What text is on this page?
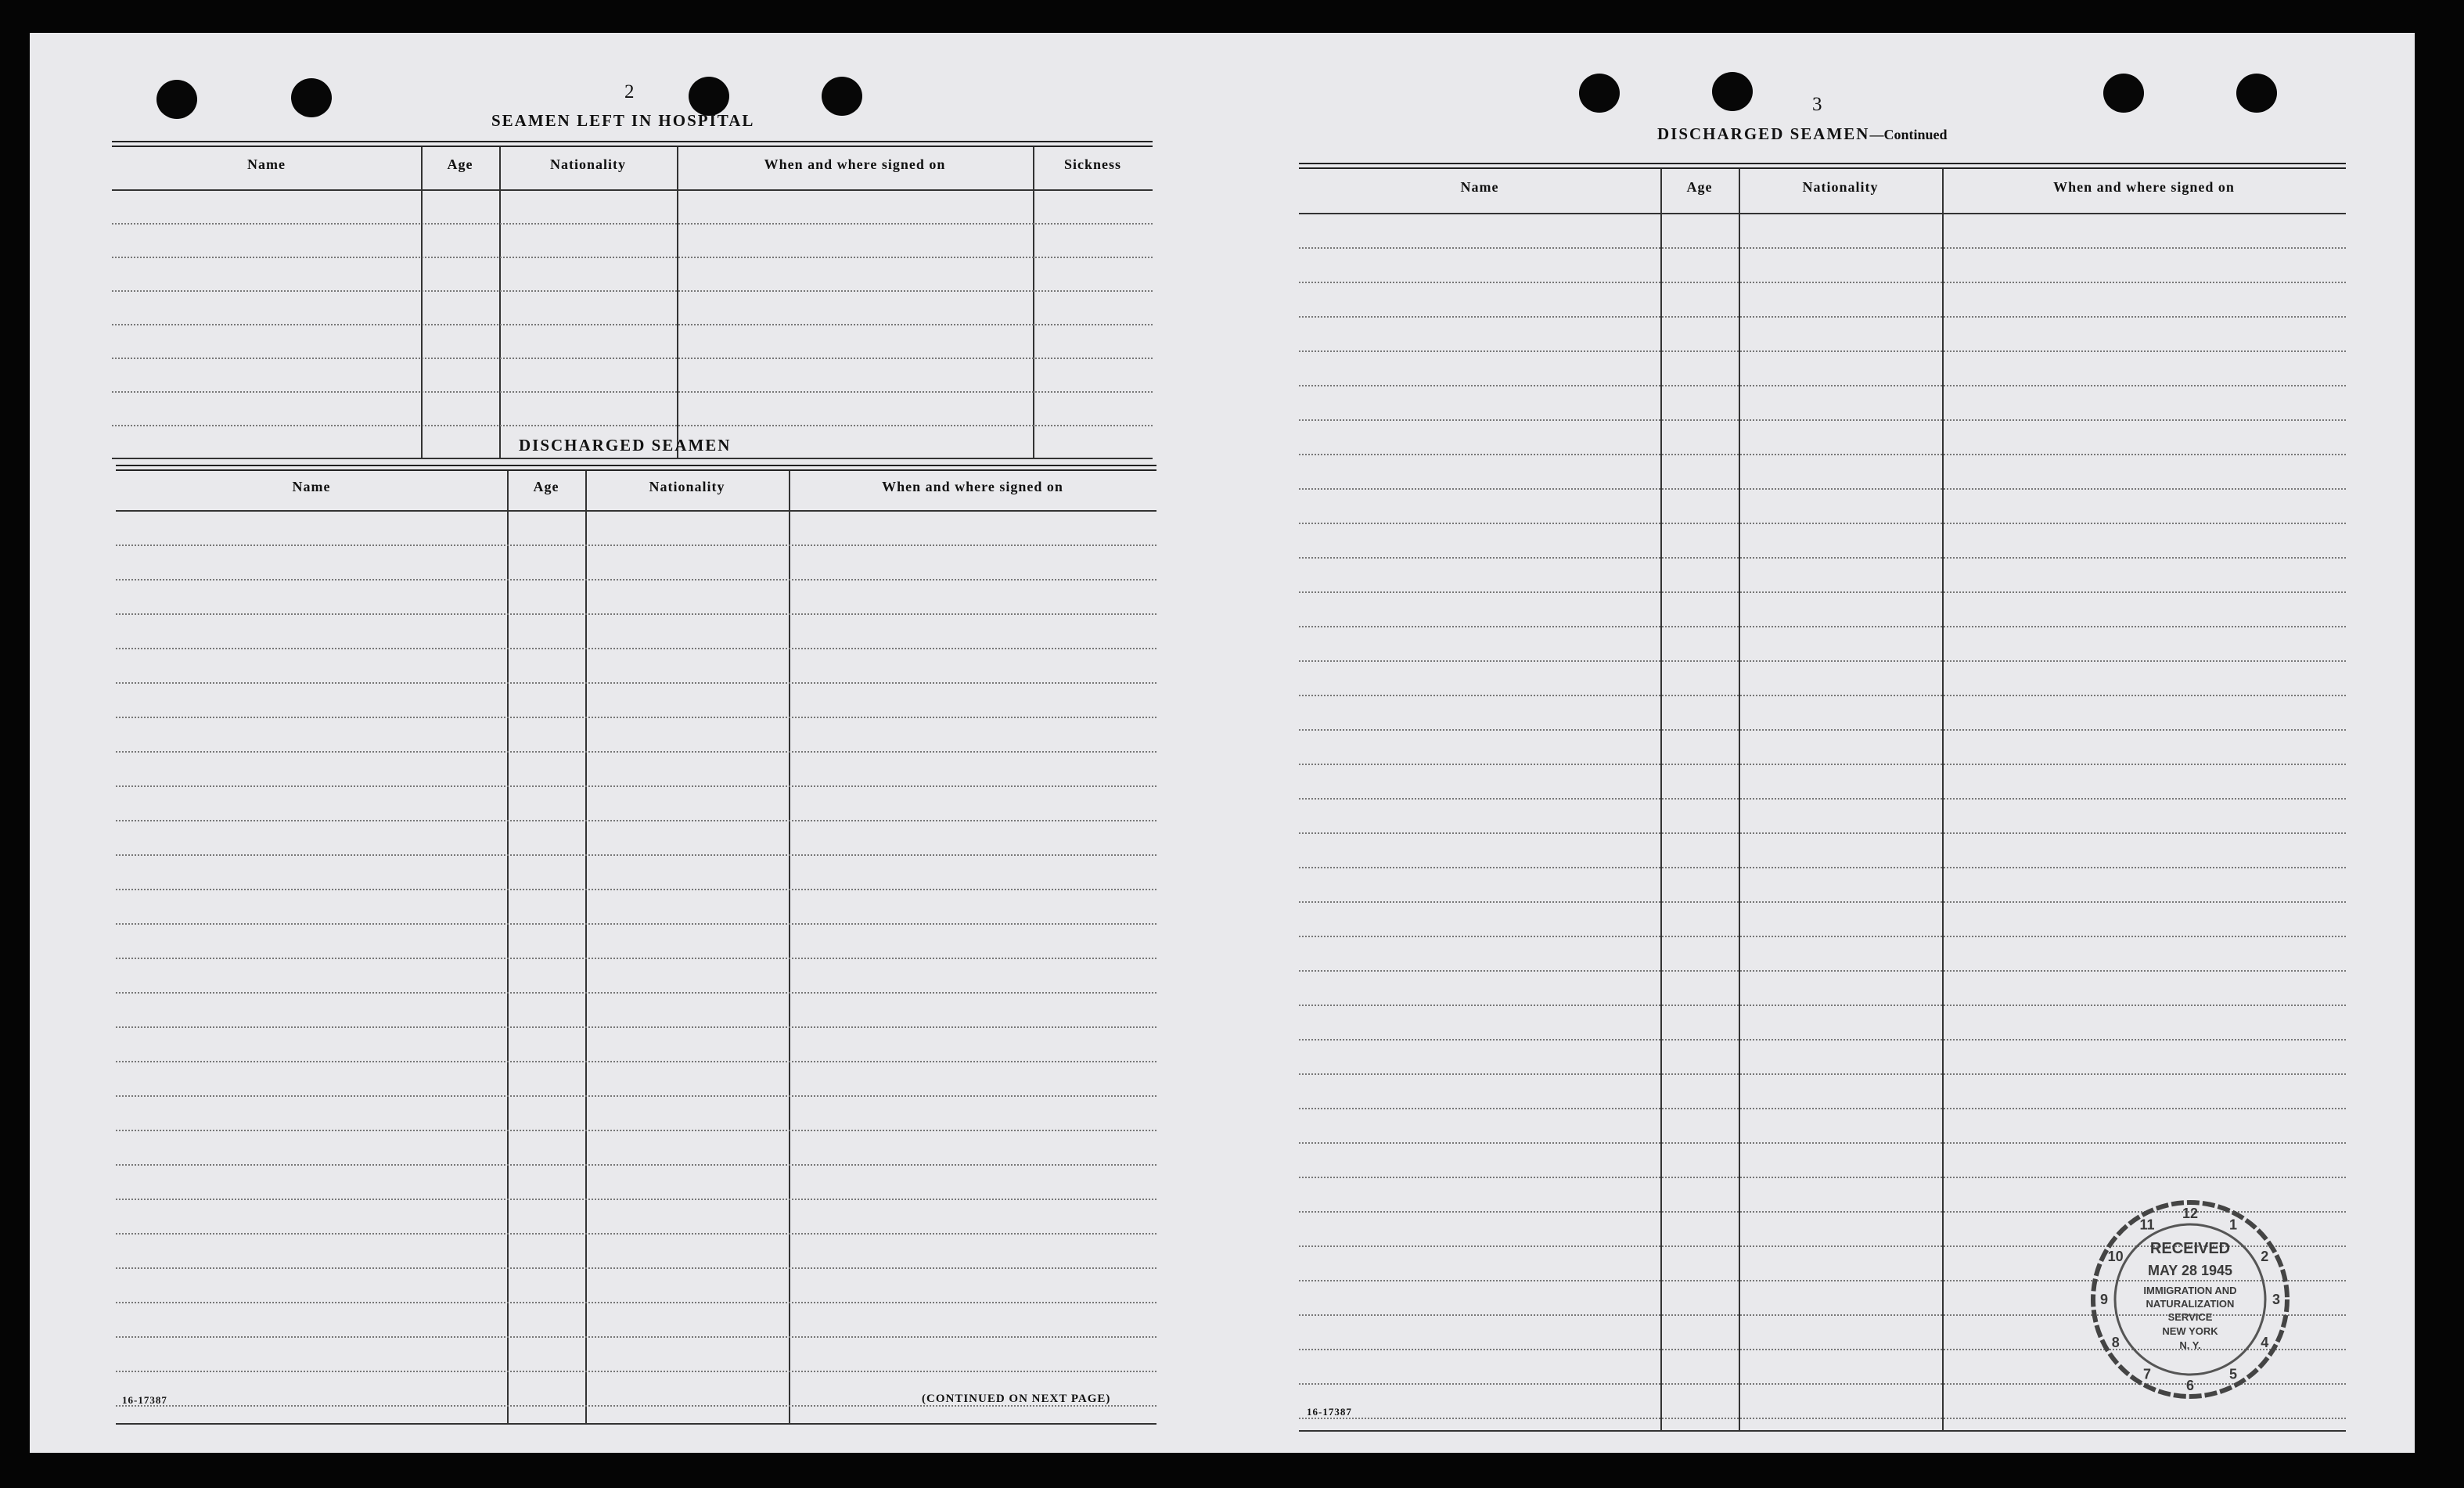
2
SEAMEN LEFT IN HOSPITAL
Name	Age	Nationality	When and where signed on	Sickness
DISCHARGED SEAMEN
Name	Age	Nationality	When and where signed on
16-17387	(CONTINUED ON NEXT PAGE)
3
DISCHARGED SEAMEN—Continued
Name	Age	Nationality	When and where signed on
16-17387
12
1
2
3
4
5
6
7
8
9
10
11
RECEIVED
MAY 28 1945
IMMIGRATION AND
NATURALIZATION
SERVICE
NEW YORK
N. Y.
